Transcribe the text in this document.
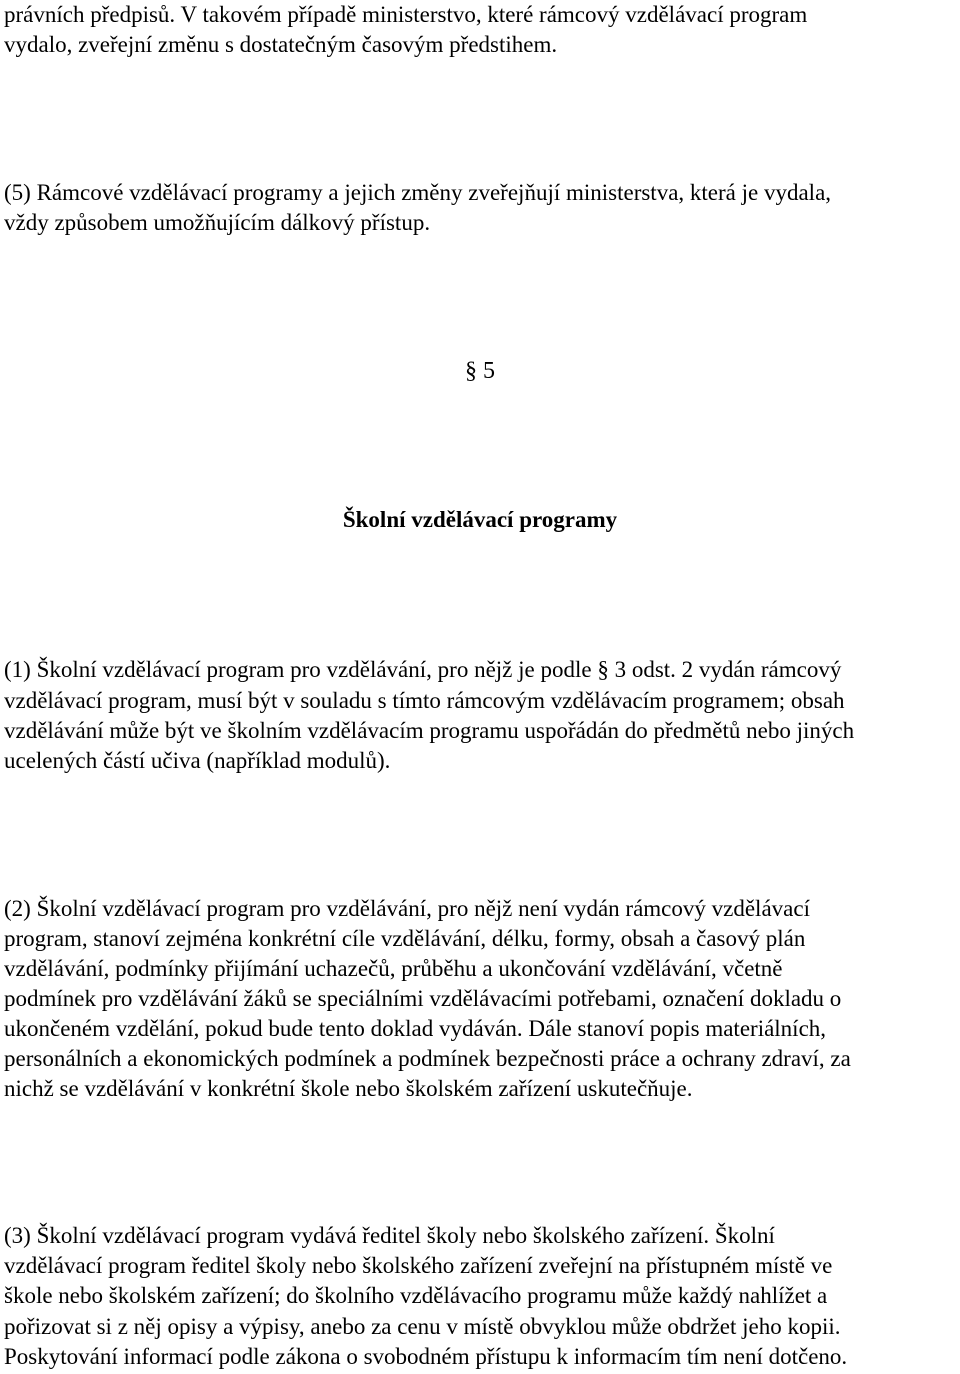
právních předpisů. V takovém případě ministerstvo, které rámcový vzdělávací program

vydalo, zveřejní změnu s dostatečným časovým předstihem.

(5) Rámcové vzdělávací programy a jejich změny zveřejňují ministerstva, která je vydala,

vždy způsobem umožňujícím dálkový přístup.

§ 5

Školní vzdělávací programy

(1) Školní vzdělávací program pro vzdělávání, pro nějž je podle § 3 odst. 2 vydán rámcový

vzdělávací program, musí být v souladu s tímto rámcovým vzdělávacím programem; obsah

vzdělávání může být ve školním vzdělávacím programu uspořádán do předmětů nebo jiných

ucelených částí učiva (například modulů).

(2) Školní vzdělávací program pro vzdělávání, pro nějž není vydán rámcový vzdělávací

program, stanoví zejména konkrétní cíle vzdělávání, délku, formy, obsah a časový plán

vzdělávání, podmínky přijímání uchazečů, průběhu a ukončování vzdělávání, včetně

podmínek pro vzdělávání žáků se speciálními vzdělávacími potřebami, označení dokladu o

ukončeném vzdělání, pokud bude tento doklad vydáván. Dále stanoví popis materiálních,

personálních a ekonomických podmínek a podmínek bezpečnosti práce a ochrany zdraví, za

nichž se vzdělávání v konkrétní škole nebo školském zařízení uskutečňuje.

(3) Školní vzdělávací program vydává ředitel školy nebo školského zařízení. Školní

vzdělávací program ředitel školy nebo školského zařízení zveřejní na přístupném místě ve

škole nebo školském zařízení; do školního vzdělávacího programu může každý nahlížet a

pořizovat si z něj opisy a výpisy, anebo za cenu v místě obvyklou může obdržet jeho kopii.

Poskytování informací podle zákona o svobodném přístupu k informacím tím není dotčeno.
